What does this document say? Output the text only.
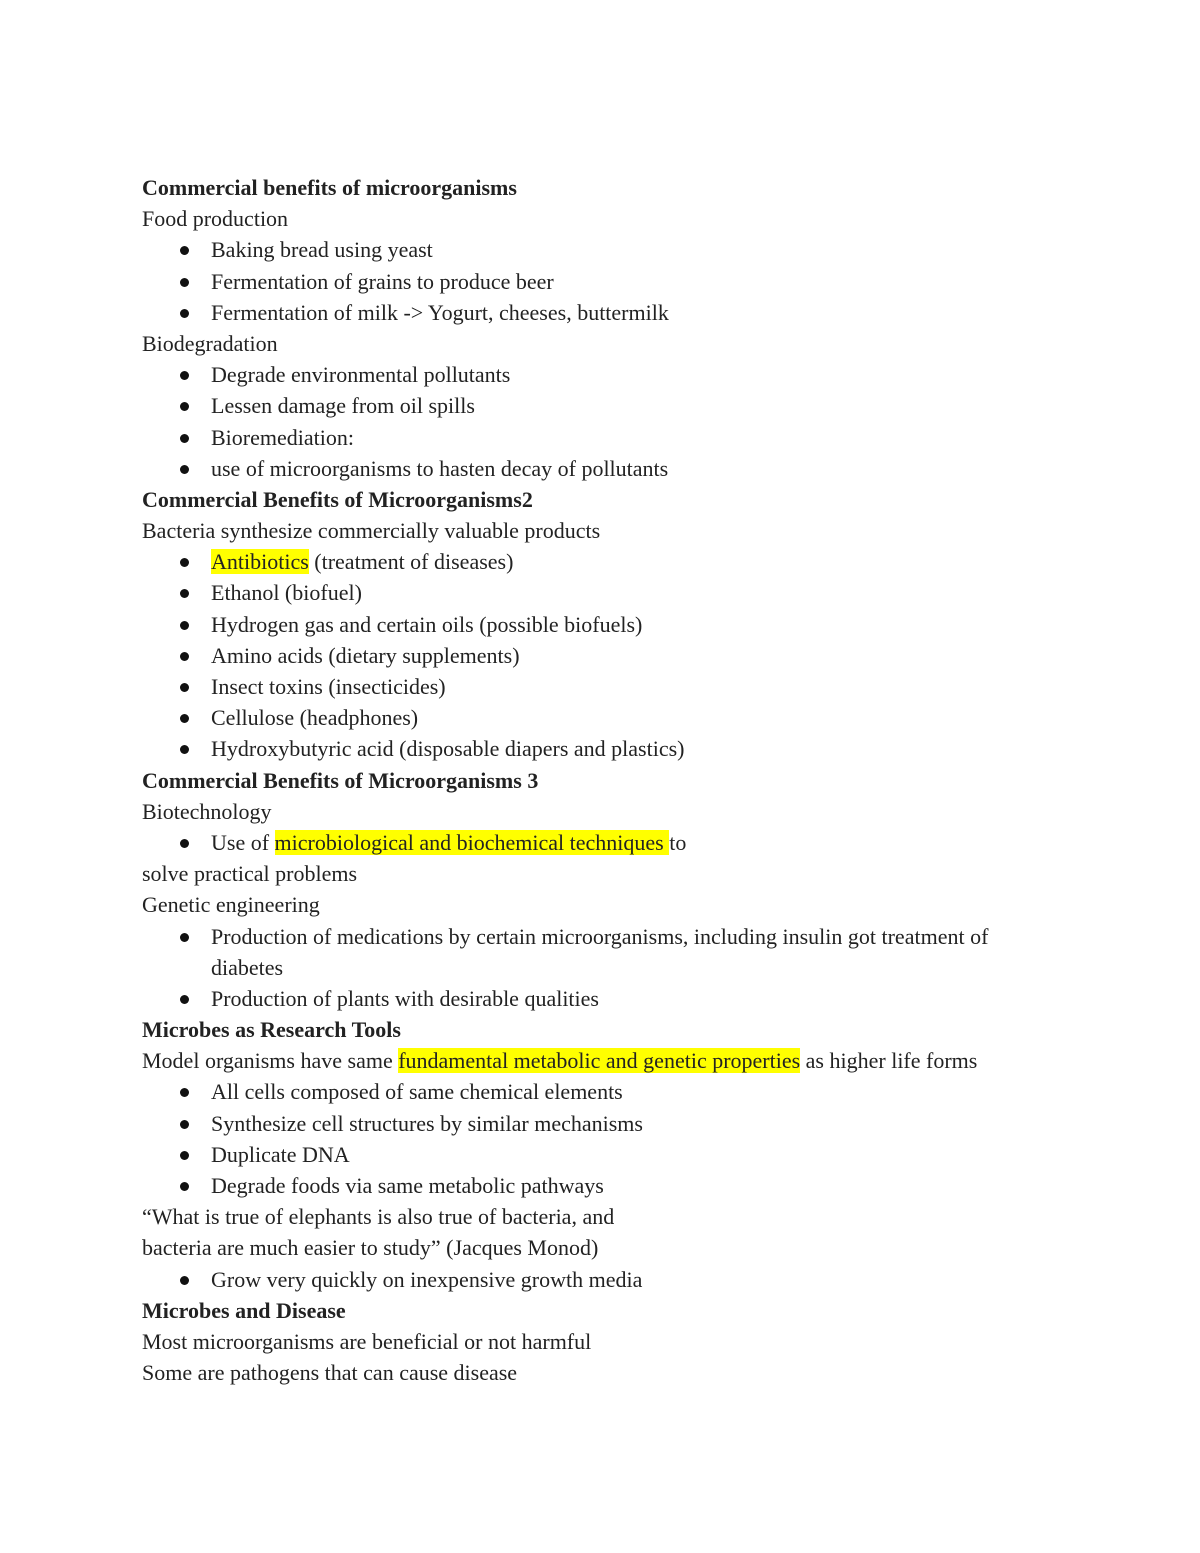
Commercial benefits of microorganisms
Food production
Baking bread using yeast
Fermentation of grains to produce beer
Fermentation of milk -> Yogurt, cheeses, buttermilk
Biodegradation
Degrade environmental pollutants
Lessen damage from oil spills
Bioremediation:
use of microorganisms to hasten decay of pollutants
Commercial Benefits of Microorganisms2
Bacteria synthesize commercially valuable products
Antibiotics (treatment of diseases)
Ethanol (biofuel)
Hydrogen gas and certain oils (possible biofuels)
Amino acids (dietary supplements)
Insect toxins (insecticides)
Cellulose (headphones)
Hydroxybutyric acid (disposable diapers and plastics)
Commercial Benefits of Microorganisms 3
Biotechnology
Use of microbiological and biochemical techniques to
solve practical problems
Genetic engineering
Production of medications by certain microorganisms, including insulin got treatment of diabetes
Production of plants with desirable qualities
Microbes as Research Tools
Model organisms have same fundamental metabolic and genetic properties as higher life forms
All cells composed of same chemical elements
Synthesize cell structures by similar mechanisms
Duplicate DNA
Degrade foods via same metabolic pathways
“What is true of elephants is also true of bacteria, and
bacteria are much easier to study” (Jacques Monod)
Grow very quickly on inexpensive growth media
Microbes and Disease
Most microorganisms are beneficial or not harmful
Some are pathogens that can cause disease
